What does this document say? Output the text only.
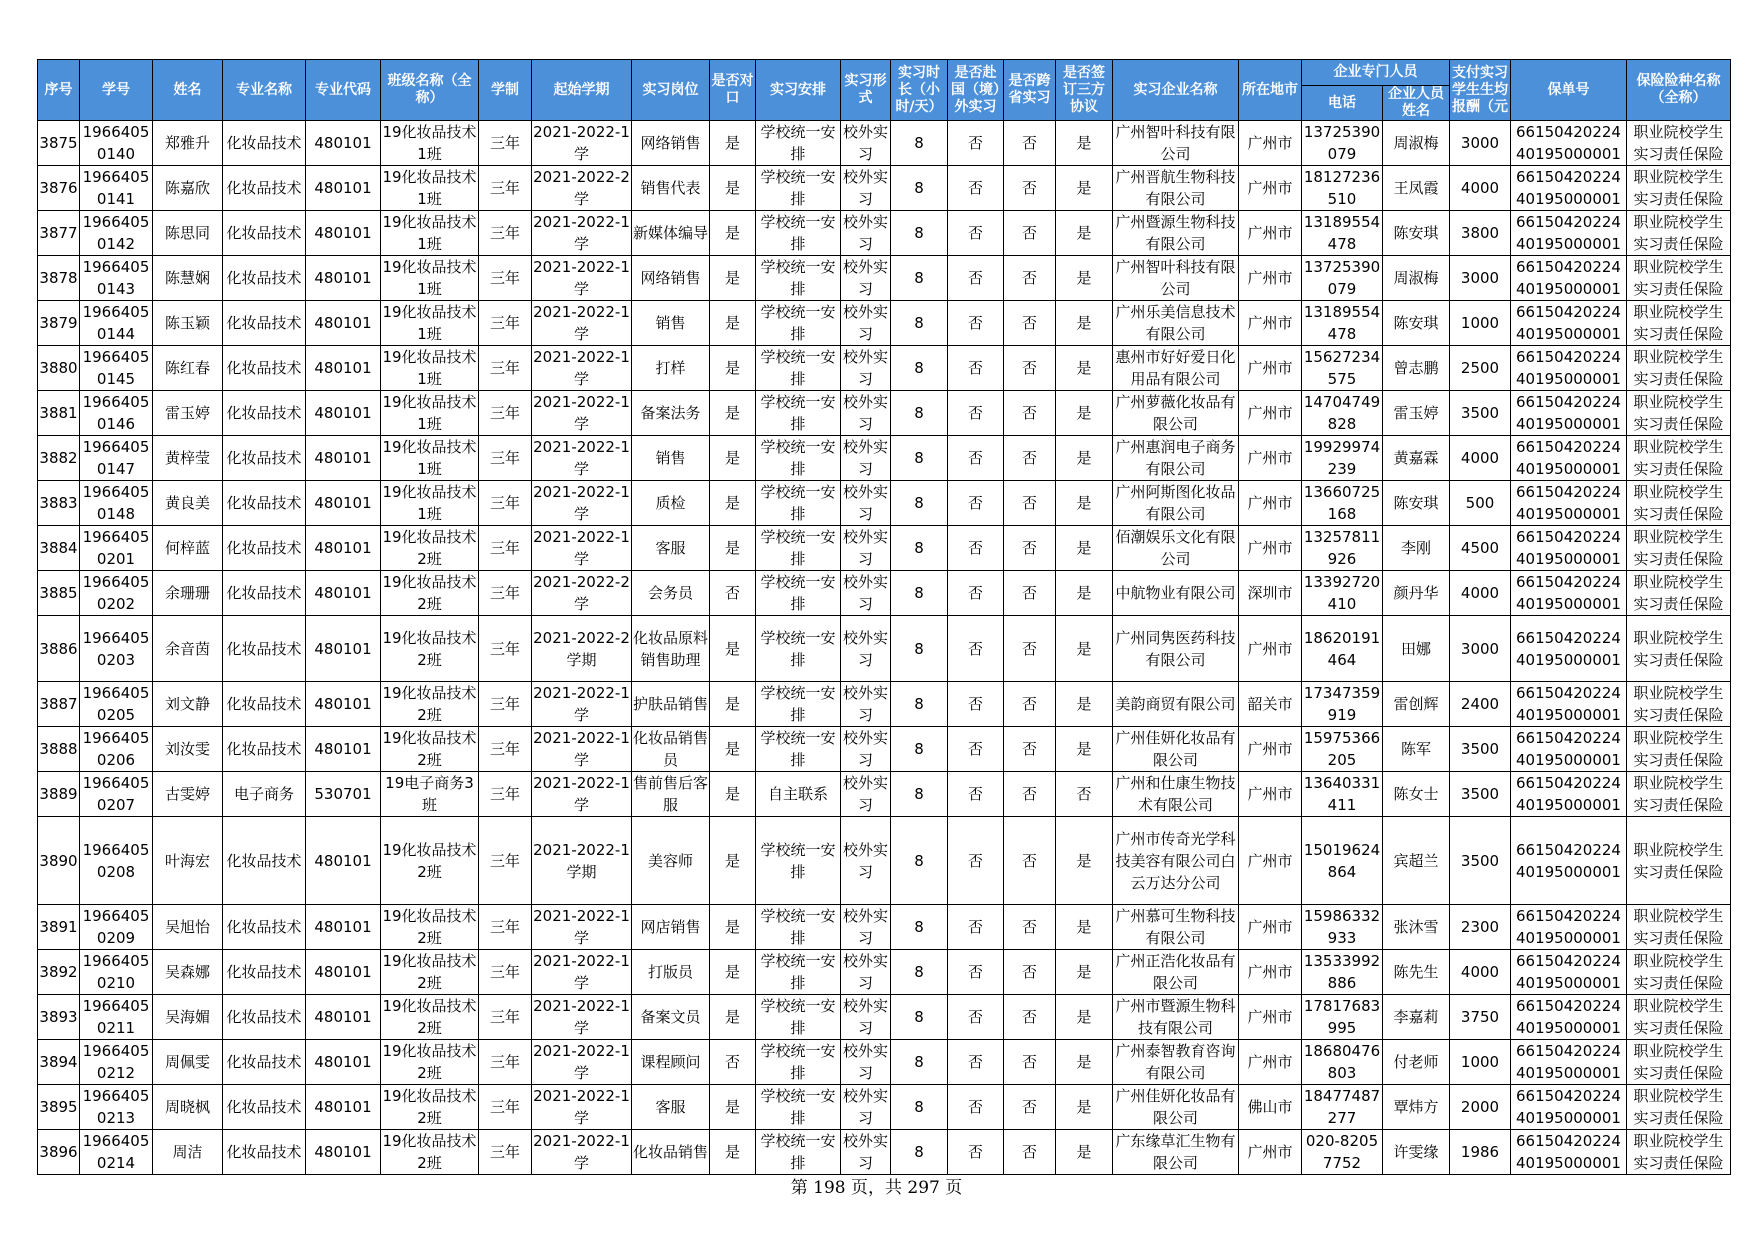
序号	学号	姓名	专业名称	专业代码	班级名称（全称）	学制	起始学期	实习岗位	是否对口	实习安排	实习形式	实习时长（小时/天）	是否赴国（境）外实习	是否跨省实习	是否签订三方协议	实习企业名称	所在地市	企业专门人员		支付实习学生生均报酬（元	保单号	保险险种名称（全称）
																		电话	企业人员姓名			

3875	19664050140	郑雅升	化妆品技术	480101	19化妆品技术1班	三年	2021-2022-1学	网络销售	是	学校统一安排	校外实习	8	否	否	是	广州智叶科技有限公司	广州市	13725390079	周淑梅	3000	6615042022440195000001	职业院校学生实习责任保险

3876	19664050141	陈嘉欣	化妆品技术	480101	19化妆品技术1班	三年	2021-2022-2学	销售代表	是	学校统一安排	校外实习	8	否	否	是	广州晋航生物科技有限公司	广州市	18127236510	王凤霞	4000	6615042022440195000001	职业院校学生实习责任保险

3877	19664050142	陈思同	化妆品技术	480101	19化妆品技术1班	三年	2021-2022-1学	新媒体编导	是	学校统一安排	校外实习	8	否	否	是	广州暨源生物科技有限公司	广州市	13189554478	陈安琪	3800	6615042022440195000001	职业院校学生实习责任保险

3878	19664050143	陈慧娴	化妆品技术	480101	19化妆品技术1班	三年	2021-2022-1学	网络销售	是	学校统一安排	校外实习	8	否	否	是	广州智叶科技有限公司	广州市	13725390079	周淑梅	3000	6615042022440195000001	职业院校学生实习责任保险

3879	19664050144	陈玉颖	化妆品技术	480101	19化妆品技术1班	三年	2021-2022-1学	销售	是	学校统一安排	校外实习	8	否	否	是	广州乐美信息技术有限公司	广州市	13189554478	陈安琪	1000	6615042022440195000001	职业院校学生实习责任保险

3880	19664050145	陈红春	化妆品技术	480101	19化妆品技术1班	三年	2021-2022-1学	打样	是	学校统一安排	校外实习	8	否	否	是	惠州市好好爱日化用品有限公司	广州市	15627234575	曾志鹏	2500	6615042022440195000001	职业院校学生实习责任保险

3881	19664050146	雷玉婷	化妆品技术	480101	19化妆品技术1班	三年	2021-2022-1学	备案法务	是	学校统一安排	校外实习	8	否	否	是	广州萝薇化妆品有限公司	广州市	14704749828	雷玉婷	3500	6615042022440195000001	职业院校学生实习责任保险

3882	19664050147	黄梓莹	化妆品技术	480101	19化妆品技术1班	三年	2021-2022-1学	销售	是	学校统一安排	校外实习	8	否	否	是	广州惠润电子商务有限公司	广州市	19929974239	黄嘉霖	4000	6615042022440195000001	职业院校学生实习责任保险

3883	19664050148	黄良美	化妆品技术	480101	19化妆品技术1班	三年	2021-2022-1学	质检	是	学校统一安排	校外实习	8	否	否	是	广州阿斯图化妆品有限公司	广州市	13660725168	陈安琪	500	6615042022440195000001	职业院校学生实习责任保险

3884	19664050201	何梓蓝	化妆品技术	480101	19化妆品技术2班	三年	2021-2022-1学	客服	是	学校统一安排	校外实习	8	否	否	是	佰潮娱乐文化有限公司	广州市	13257811926	李刚	4500	6615042022440195000001	职业院校学生实习责任保险

3885	19664050202	余珊珊	化妆品技术	480101	19化妆品技术2班	三年	2021-2022-2学	会务员	否	学校统一安排	校外实习	8	否	否	是	中航物业有限公司	深圳市	13392720410	颜丹华	4000	6615042022440195000001	职业院校学生实习责任保险

3886	19664050203	余音茵	化妆品技术	480101	19化妆品技术2班	三年	2021-2022-2学期	化妆品原料销售助理	是	学校统一安排	校外实习	8	否	否	是	广州同隽医药科技有限公司	广州市	18620191464	田娜	3000	6615042022440195000001	职业院校学生实习责任保险

3887	19664050205	刘文静	化妆品技术	480101	19化妆品技术2班	三年	2021-2022-1学	护肤品销售	是	学校统一安排	校外实习	8	否	否	是	美韵商贸有限公司	韶关市	17347359919	雷创辉	2400	6615042022440195000001	职业院校学生实习责任保险

3888	19664050206	刘汝雯	化妆品技术	480101	19化妆品技术2班	三年	2021-2022-1学	化妆品销售员	是	学校统一安排	校外实习	8	否	否	是	广州佳妍化妆品有限公司	广州市	15975366205	陈军	3500	6615042022440195000001	职业院校学生实习责任保险

3889	19664050207	古雯婷	电子商务	530701	19电子商务3班	三年	2021-2022-1学	售前售后客服	是	自主联系	校外实习	8	否	否	否	广州和仕康生物技术有限公司	广州市	13640331411	陈女士	3500	6615042022440195000001	职业院校学生实习责任保险

3890	19664050208	叶海宏	化妆品技术	480101	19化妆品技术2班	三年	2021-2022-1学期	美容师	是	学校统一安排	校外实习	8	否	否	是	广州市传奇光学科技美容有限公司白云万达分公司	广州市	15019624864	宾超兰	3500	6615042022440195000001	职业院校学生实习责任保险

3891	19664050209	吴旭怡	化妆品技术	480101	19化妆品技术2班	三年	2021-2022-1学	网店销售	是	学校统一安排	校外实习	8	否	否	是	广州慕可生物科技有限公司	广州市	15986332933	张沐雪	2300	6615042022440195000001	职业院校学生实习责任保险

3892	19664050210	吴森娜	化妆品技术	480101	19化妆品技术2班	三年	2021-2022-1学	打版员	是	学校统一安排	校外实习	8	否	否	是	广州正浩化妆品有限公司	广州市	13533992886	陈先生	4000	6615042022440195000001	职业院校学生实习责任保险

3893	19664050211	吴海媚	化妆品技术	480101	19化妆品技术2班	三年	2021-2022-1学	备案文员	是	学校统一安排	校外实习	8	否	否	是	广州市暨源生物科技有限公司	广州市	17817683995	李嘉莉	3750	6615042022440195000001	职业院校学生实习责任保险

3894	19664050212	周佩雯	化妆品技术	480101	19化妆品技术2班	三年	2021-2022-1学	课程顾问	否	学校统一安排	校外实习	8	否	否	是	广州泰智教育咨询有限公司	广州市	18680476803	付老师	1000	6615042022440195000001	职业院校学生实习责任保险

3895	19664050213	周晓枫	化妆品技术	480101	19化妆品技术2班	三年	2021-2022-1学	客服	是	学校统一安排	校外实习	8	否	否	是	广州佳妍化妆品有限公司	佛山市	18477487277	覃炜方	2000	6615042022440195000001	职业院校学生实习责任保险

3896	19664050214	周洁	化妆品技术	480101	19化妆品技术2班	三年	2021-2022-1学	化妆品销售	是	学校统一安排	校外实习	8	否	否	是	广东缘草汇生物有限公司	广州市	020-82057752	许雯缘	1986	6615042022440195000001	职业院校学生实习责任保险
第 198 页，共 297 页
